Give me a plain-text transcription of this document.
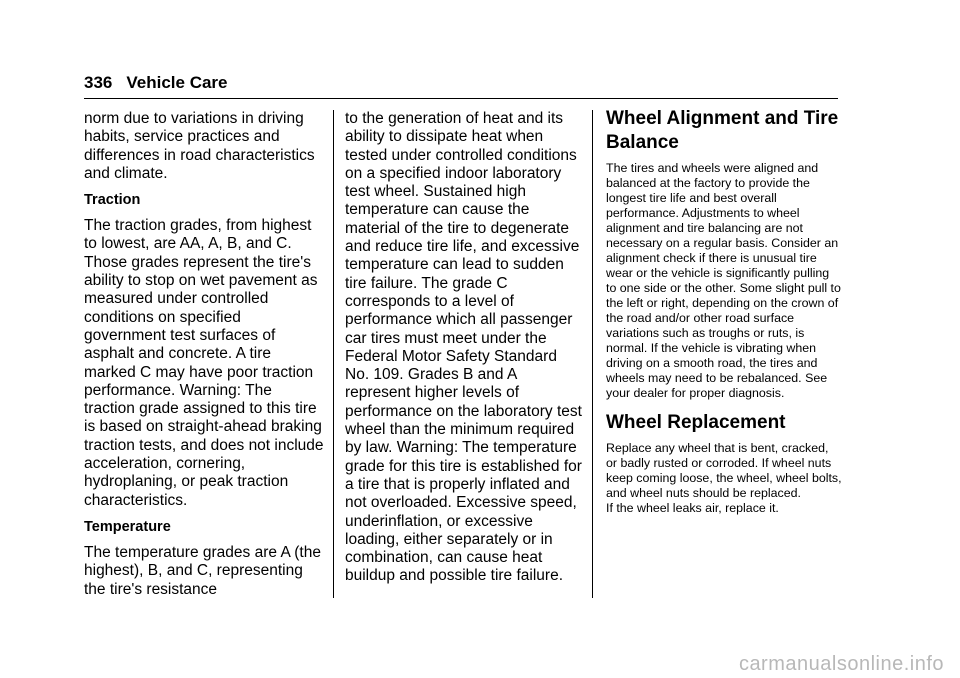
336 Vehicle Care

norm due to variations in driving habits, service practices and differences in road characteristics and climate.

Traction

The traction grades, from highest to lowest, are AA, A, B, and C. Those grades represent the tire's ability to stop on wet pavement as measured under controlled conditions on specified government test surfaces of asphalt and concrete. A tire marked C may have poor traction performance. Warning: The traction grade assigned to this tire is based on straight-ahead braking traction tests, and does not include acceleration, cornering, hydroplaning, or peak traction characteristics.

Temperature

The temperature grades are A (the highest), B, and C, representing the tire's resistance

to the generation of heat and its ability to dissipate heat when tested under controlled conditions on a specified indoor laboratory test wheel. Sustained high temperature can cause the material of the tire to degenerate and reduce tire life, and excessive temperature can lead to sudden tire failure. The grade C corresponds to a level of performance which all passenger car tires must meet under the Federal Motor Safety Standard No. 109. Grades B and A represent higher levels of performance on the laboratory test wheel than the minimum required by law. Warning: The temperature grade for this tire is established for a tire that is properly inflated and not overloaded. Excessive speed, underinflation, or excessive loading, either separately or in combination, can cause heat buildup and possible tire failure.

Wheel Alignment and Tire Balance

The tires and wheels were aligned and balanced at the factory to provide the longest tire life and best overall performance. Adjustments to wheel alignment and tire balancing are not necessary on a regular basis. Consider an alignment check if there is unusual tire wear or the vehicle is significantly pulling to one side or the other. Some slight pull to the left or right, depending on the crown of the road and/or other road surface variations such as troughs or ruts, is normal. If the vehicle is vibrating when driving on a smooth road, the tires and wheels may need to be rebalanced. See your dealer for proper diagnosis.

Wheel Replacement

Replace any wheel that is bent, cracked, or badly rusted or corroded. If wheel nuts keep coming loose, the wheel, wheel bolts, and wheel nuts should be replaced.

If the wheel leaks air, replace it.

carmanualsonline.info
